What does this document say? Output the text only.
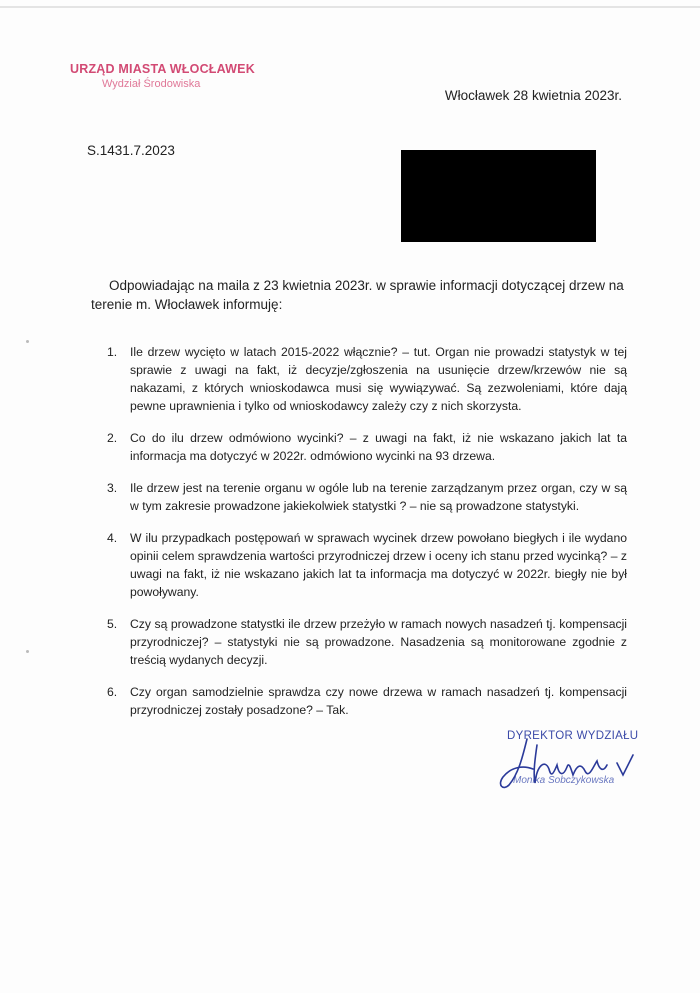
URZĄD MIASTA WŁOCŁAWEK
Wydział Środowiska
Włocławek 28 kwietnia 2023r.
S.1431.7.2023
Odpowiadając na maila z 23 kwietnia 2023r. w sprawie informacji dotyczącej drzew na terenie m. Włocławek informuję:
1. Ile drzew wycięto w latach 2015-2022 włącznie? – tut. Organ nie prowadzi statystyk w tej sprawie z uwagi na fakt, iż decyzje/zgłoszenia na usunięcie drzew/krzewów nie są nakazami, z których wnioskodawca musi się wywiązywać. Są zezwoleniami, które dają pewne uprawnienia i tylko od wnioskodawcy zależy czy z nich skorzysta.
2. Co do ilu drzew odmówiono wycinki? – z uwagi na fakt, iż nie wskazano jakich lat ta informacja ma dotyczyć w 2022r. odmówiono wycinki na 93 drzewa.
3. Ile drzew jest na terenie organu w ogóle lub na terenie zarządzanym przez organ, czy w są w tym zakresie prowadzone jakiekolwiek statystki ? – nie są prowadzone statystyki.
4. W ilu przypadkach postępowań w sprawach wycinek drzew powołano biegłych i ile wydano opinii celem sprawdzenia wartości przyrodniczej drzew i oceny ich stanu przed wycinką? – z uwagi na fakt, iż nie wskazano jakich lat ta informacja ma dotyczyć w 2022r. biegły nie był powoływany.
5. Czy są prowadzone statystki ile drzew przeżyło w ramach nowych nasadzeń tj. kompensacji przyrodniczej? – statystyki nie są prowadzone. Nasadzenia są monitorowane zgodnie z treścią wydanych decyzji.
6. Czy organ samodzielnie sprawdza czy nowe drzewa w ramach nasadzeń tj. kompensacji przyrodniczej zostały posadzone? – Tak.
DYREKTOR WYDZIAŁU
Monika Sobczykowska
